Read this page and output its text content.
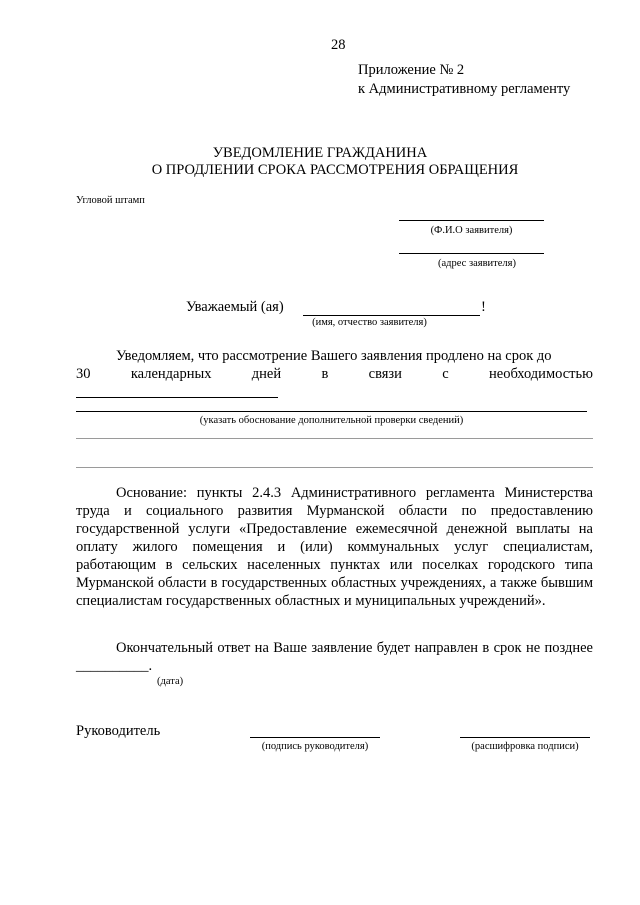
28
Приложение № 2
к Административному регламенту
УВЕДОМЛЕНИЕ ГРАЖДАНИНА
О ПРОДЛЕНИИ СРОКА РАССМОТРЕНИЯ ОБРАЩЕНИЯ
Угловой штамп
(Ф.И.О заявителя)
(адрес заявителя)
Уважаемый (ая)	!
(имя, отчество заявителя)
Уведомляем, что рассмотрение Вашего заявления продлено на срок до
30	календарных	дней	в	связи	с	необходимостью
(указать обоснование дополнительной проверки сведений)
Основание: пункты 2.4.3 Административного регламента Министерства труда и социального развития Мурманской области по предоставлению государственной услуги «Предоставление ежемесячной денежной выплаты на оплату жилого помещения и (или) коммунальных услуг специалистам, работающим в сельских населенных пунктах или поселках городского типа Мурманской области в государственных областных учреждениях, а также бывшим специалистам государственных областных и муниципальных учреждений».
Окончательный ответ на Ваше заявление будет направлен в срок не позднее __________.
(дата)
Руководитель
(подпись руководителя)	(расшифровка подписи)
